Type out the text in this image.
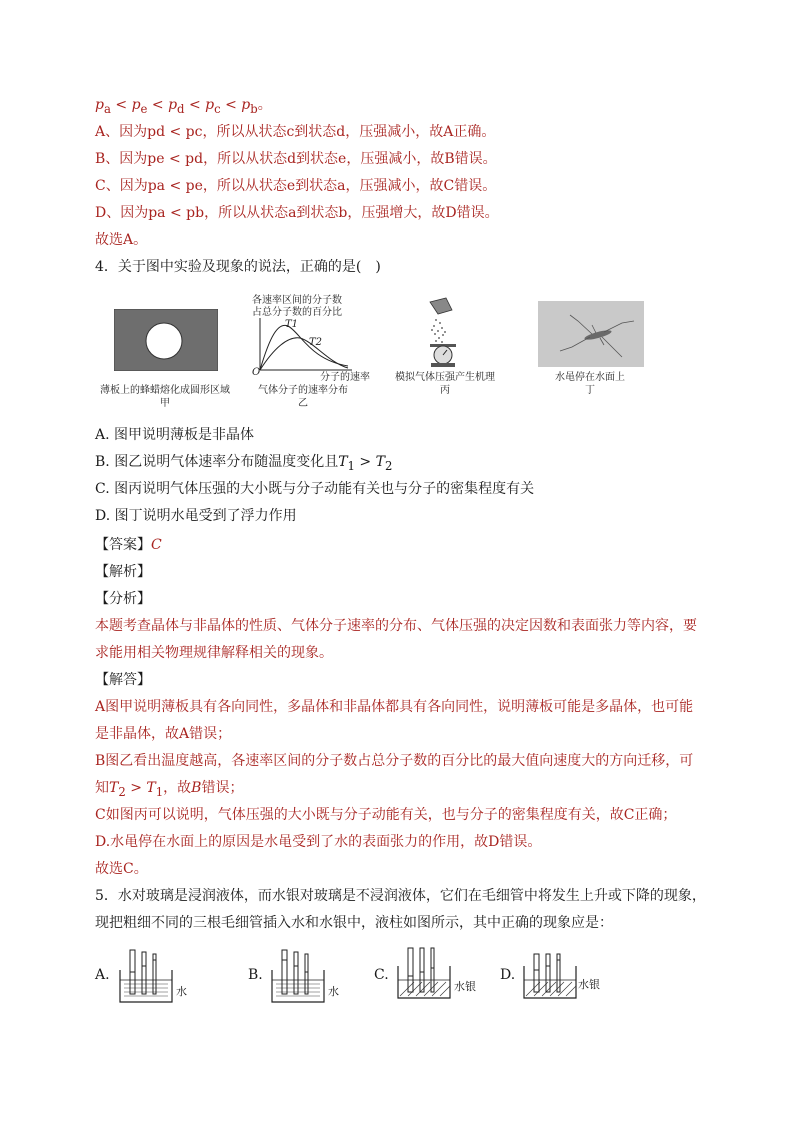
$p_a < p_e < p_d < p_c < p_b$。
A、因为pd < pc，所以从状态c到状态d，压强减小，故A正确。
B、因为pe < pd，所以从状态d到状态e，压强减小，故B错误。
C、因为pa < pe，所以从状态e到状态a，压强减小，故C错误。
D、因为pa < pb，所以从状态a到状态b，压强增大，故D错误。
故选A。
4．关于图中实验及现象的说法，正确的是(　)
薄板上的蜂蜡熔化成圆形区域
甲
各速率区间的分子数
占总分子数的百分比
T1
T2
O	分子的速率
气体分子的速率分布
乙
模拟气体压强产生机理
丙
水黾停在水面上
丁
A. 图甲说明薄板是非晶体
B. 图乙说明气体速率分布随温度变化且$T_1 > T_2$
C. 图丙说明气体压强的大小既与分子动能有关也与分子的密集程度有关
D. 图丁说明水黾受到了浮力作用
【答案】C
【解析】
【分析】
本题考查晶体与非晶体的性质、气体分子速率的分布、气体压强的决定因数和表面张力等内容，要
求能用相关物理规律解释相关的现象。
【解答】
A图甲说明薄板具有各向同性，多晶体和非晶体都具有各向同性，说明薄板可能是多晶体，也可能
是非晶体，故A错误；
B图乙看出温度越高，各速率区间的分子数占总分子数的百分比的最大值向速度大的方向迁移，可
知$T_2 > T_1$，故B错误；
C如图丙可以说明，气体压强的大小既与分子动能有关，也与分子的密集程度有关，故C正确；
D.水黾停在水面上的原因是水黾受到了水的表面张力的作用，故D错误。
故选C。
5．水对玻璃是浸润液体，而水银对玻璃是不浸润液体，它们在毛细管中将发生上升或下降的现象，
现把粗细不同的三根毛细管插入水和水银中，液柱如图所示，其中正确的现象应是：
A.
水
B.
水
C.
水银
D.
水银
